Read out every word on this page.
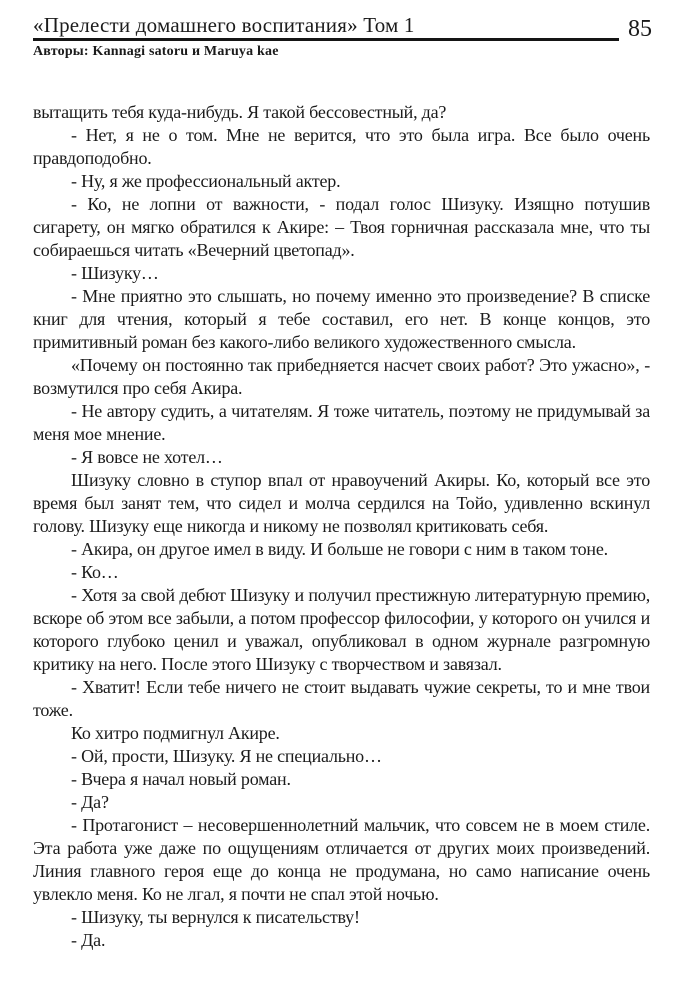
«Прелести домашнего воспитания» Том 1	85
Авторы: Kannagi satoru и Maruya kae

вытащить тебя куда-нибудь. Я такой бессовестный, да?

- Нет, я не о том. Мне не верится, что это была игра. Все было очень правдоподобно.

- Ну, я же профессиональный актер.

- Ко, не лопни от важности, - подал голос Шизуку. Изящно потушив сигарету, он мягко обратился к Акире: – Твоя горничная рассказала мне, что ты собираешься читать «Вечерний цветопад».

- Шизуку…

- Мне приятно это слышать, но почему именно это произведение? В списке книг для чтения, который я тебе составил, его нет. В конце концов, это примитивный роман без какого-либо великого художественного смысла.

«Почему он постоянно так прибедняется насчет своих работ? Это ужасно», - возмутился про себя Акира.

- Не автору судить, а читателям. Я тоже читатель, поэтому не придумывай за меня мое мнение.

- Я вовсе не хотел…

Шизуку словно в ступор впал от нравоучений Акиры. Ко, который все это время был занят тем, что сидел и молча сердился на Тойо, удивленно вскинул голову. Шизуку еще никогда и никому не позволял критиковать себя.

- Акира, он другое имел в виду. И больше не говори с ним в таком тоне.

- Ко…

- Хотя за свой дебют Шизуку и получил престижную литературную премию, вскоре об этом все забыли, а потом профессор философии, у которого он учился и которого глубоко ценил и уважал, опубликовал в одном журнале разгромную критику на него. После этого Шизуку с творчеством и завязал.

- Хватит! Если тебе ничего не стоит выдавать чужие секреты, то и мне твои тоже.

Ко хитро подмигнул Акире.

- Ой, прости, Шизуку. Я не специально…

- Вчера я начал новый роман.

- Да?

- Протагонист – несовершеннолетний мальчик, что совсем не в моем стиле. Эта работа уже даже по ощущениям отличается от других моих произведений. Линия главного героя еще до конца не продумана, но само написание очень увлекло меня. Ко не лгал, я почти не спал этой ночью.

- Шизуку, ты вернулся к писательству!

- Да.
